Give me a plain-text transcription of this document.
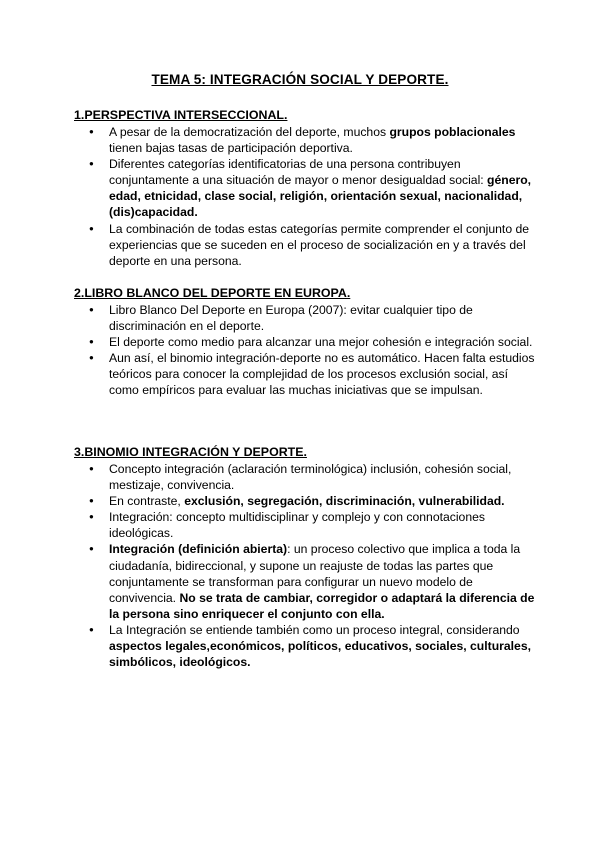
TEMA 5: INTEGRACIÓN SOCIAL Y DEPORTE.
1.PERSPECTIVA INTERSECCIONAL.
● A pesar de la democratización del deporte, muchos grupos poblacionales tienen bajas tasas de participación deportiva.
● Diferentes categorías identificatorias de una persona contribuyen conjuntamente a una situación de mayor o menor desigualdad social: género, edad, etnicidad, clase social, religión, orientación sexual, nacionalidad, (dis)capacidad.
● La combinación de todas estas categorías permite comprender el conjunto de experiencias que se suceden en el proceso de socialización en y a través del deporte en una persona.
2.LIBRO BLANCO DEL DEPORTE EN EUROPA.
● Libro Blanco Del Deporte en Europa (2007): evitar cualquier tipo de discriminación en el deporte.
● El deporte como medio para alcanzar una mejor cohesión e integración social.
● Aun así, el binomio integración-deporte no es automático. Hacen falta estudios teóricos para conocer la complejidad de los procesos exclusión social, así como empíricos para evaluar las muchas iniciativas que se impulsan.
3.BINOMIO INTEGRACIÓN Y DEPORTE.
● Concepto integración (aclaración terminológica) inclusión, cohesión social, mestizaje, convivencia.
● En contraste, exclusión, segregación, discriminación, vulnerabilidad.
● Integración: concepto multidisciplinar y complejo y con connotaciones ideológicas.
● Integración (definición abierta): un proceso colectivo que implica a toda la ciudadanía, bidireccional, y supone un reajuste de todas las partes que conjuntamente se transforman para configurar un nuevo modelo de convivencia. No se trata de cambiar, corregidor o adaptará la diferencia de la persona sino enriquecer el conjunto con ella.
● La Integración se entiende también como un proceso integral, considerando aspectos legales,económicos, políticos, educativos, sociales, culturales, simbólicos, ideológicos.
